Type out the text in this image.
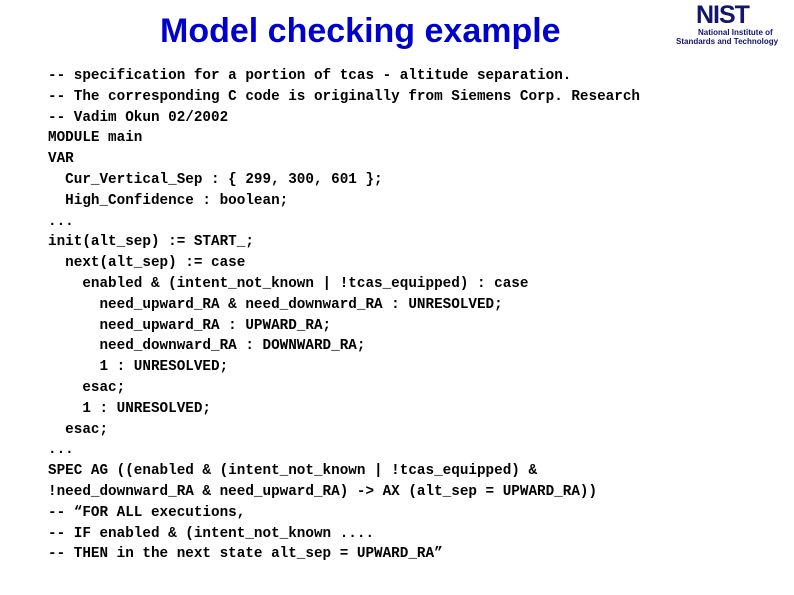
Model checking example	NIST
National Institute of
Standards and Technology
-- specification for a portion of tcas - altitude separation.
-- The corresponding C code is originally from Siemens Corp. Research
-- Vadim Okun 02/2002
MODULE main
VAR
Cur_Vertical_Sep : { 299, 300, 601 };
High_Confidence : boolean;
...
init(alt_sep) := START_;
next(alt_sep) := case
enabled & (intent_not_known | !tcas_equipped) : case
need_upward_RA & need_downward_RA : UNRESOLVED;
need_upward_RA : UPWARD_RA;
need_downward_RA : DOWNWARD_RA;
1 : UNRESOLVED;
esac;
1 : UNRESOLVED;
esac;
...
SPEC AG ((enabled & (intent_not_known | !tcas_equipped) &
!need_downward_RA & need_upward_RA) -> AX (alt_sep = UPWARD_RA))
-- “FOR ALL executions,
-- IF enabled & (intent_not_known ....
-- THEN in the next state alt_sep = UPWARD_RA”
